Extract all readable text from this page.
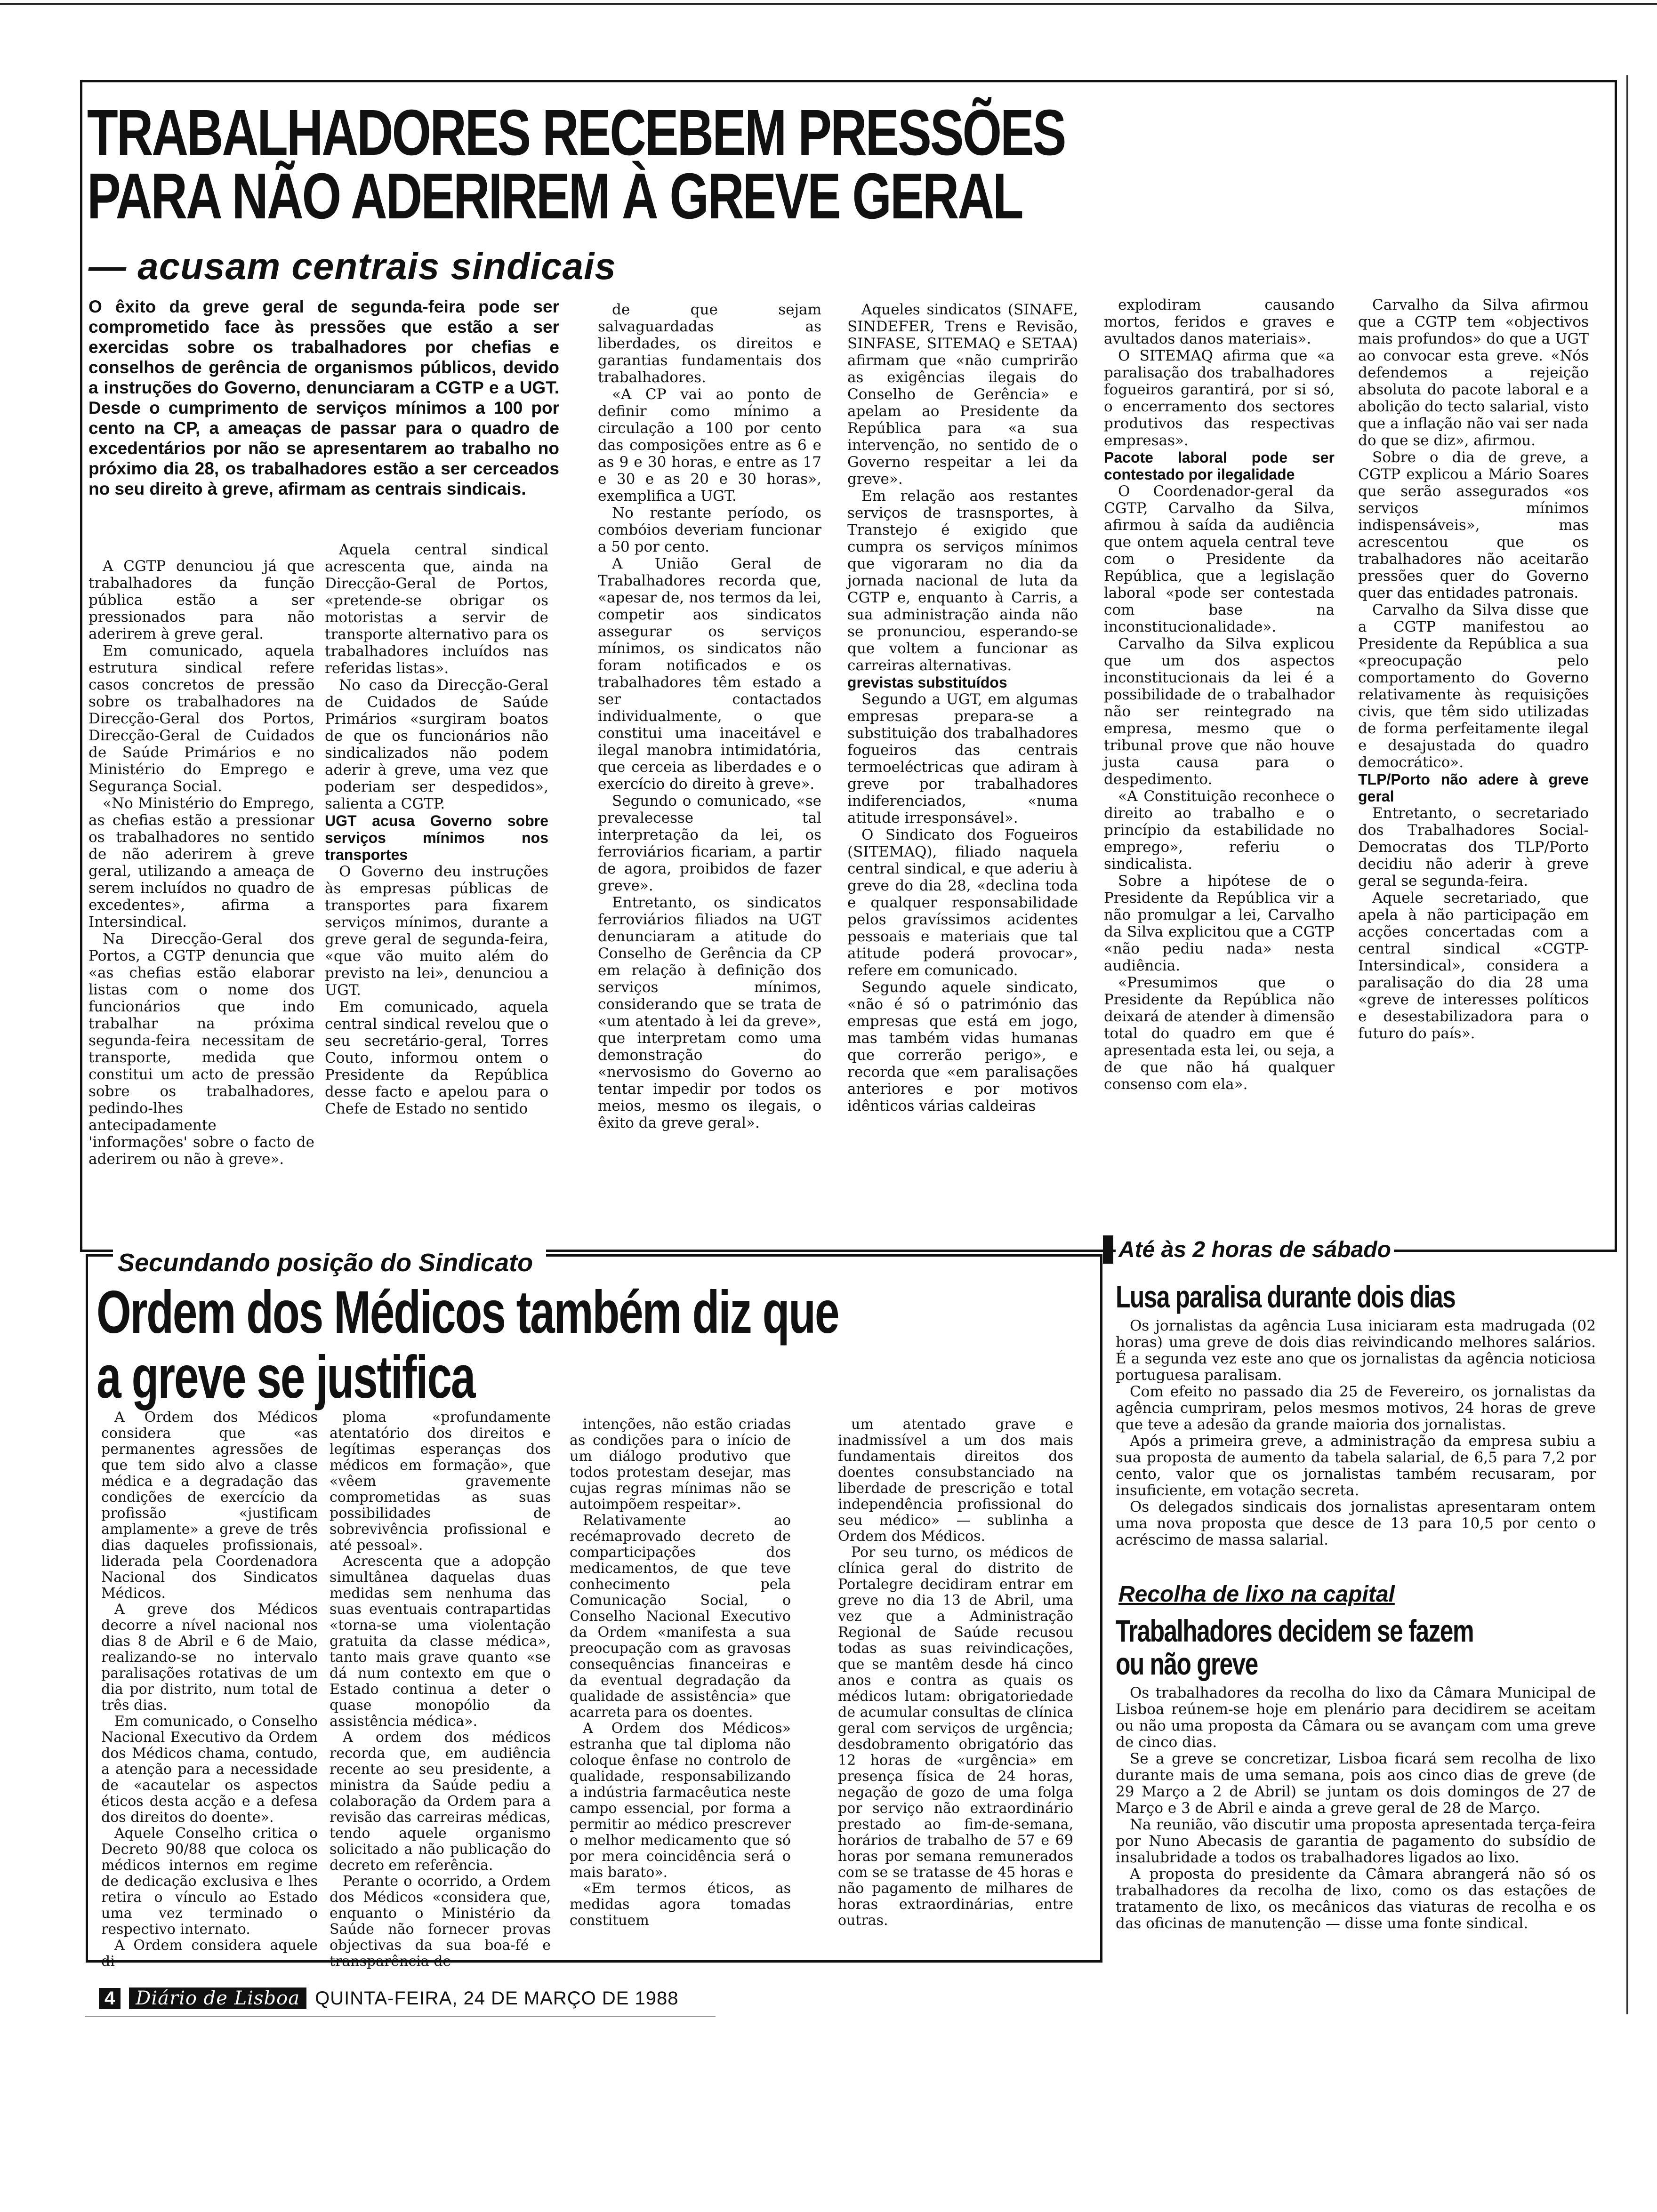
TRABALHADORES RECEBEM PRESSÕES
PARA NÃO ADERIREM À GREVE GERAL
— acusam centrais sindicais
O êxito da greve geral de segunda-feira pode ser comprometido face às pressões que estão a ser exercidas sobre os trabalhadores por chefias e conselhos de gerência de organismos públicos, devido a instruções do Governo, denunciaram a CGTP e a UGT. Desde o cumprimento de serviços mínimos a 100 por cento na CP, a ameaças de passar para o quadro de excedentários por não se apresentarem ao trabalho no próximo dia 28, os trabalhadores estão a ser cerceados no seu direito à greve, afirmam as centrais sindicais.

A CGTP denunciou já que trabalhadores da função pública estão a ser pressionados para não aderirem à greve geral.

Em comunicado, aquela estrutura sindical refere casos concretos de pressão sobre os trabalhadores na Direcção-Geral dos Portos, Direcção-Geral de Cuidados de Saúde Primários e no Ministério do Emprego e Segurança Social.

«No Ministério do Emprego, as chefias estão a pressionar os trabalhadores no sentido de não aderirem à greve geral, utilizando a ameaça de serem incluídos no quadro de excedentes», afirma a Intersindical.

Na Direcção-Geral dos Portos, a CGTP denuncia que «as chefias estão elaborar listas com o nome dos funcionários que indo trabalhar na próxima segunda-feira necessitam de transporte, medida que constitui um acto de pressão sobre os trabalhadores, pedindo-lhes antecipadamente 'informações' sobre o facto de aderirem ou não à greve».

Aquela central sindical acrescenta que, ainda na Direcção-Geral de Portos, «pretende-se obrigar os motoristas a servir de transporte alternativo para os trabalhadores incluídos nas referidas listas».

No caso da Direcção-Geral de Cuidados de Saúde Primários «surgiram boatos de que os funcionários não sindicalizados não podem aderir à greve, uma vez que poderiam ser despedidos», salienta a CGTP.

UGT acusa Governo sobre serviços mínimos nos transportes

O Governo deu instruções às empresas públicas de transportes para fixarem serviços mínimos, durante a greve geral de segunda-feira, «que vão muito além do previsto na lei», denunciou a UGT.

Em comunicado, aquela central sindical revelou que o seu secretário-geral, Torres Couto, informou ontem o Presidente da República desse facto e apelou para o Chefe de Estado no sentido

de que sejam salvaguardadas as liberdades, os direitos e garantias fundamentais dos trabalhadores.

«A CP vai ao ponto de definir como mínimo a circulação a 100 por cento das composições entre as 6 e as 9 e 30 horas, e entre as 17 e 30 e as 20 e 30 horas», exemplifica a UGT.

No restante período, os combóios deveriam funcionar a 50 por cento.

A União Geral de Trabalhadores recorda que, «apesar de, nos termos da lei, competir aos sindicatos assegurar os serviços mínimos, os sindicatos não foram notificados e os trabalhadores têm estado a ser contactados individualmente, o que constitui uma inaceitável e ilegal manobra intimidatória, que cerceia as liberdades e o exercício do direito à greve».

Segundo o comunicado, «se prevalecesse tal interpretação da lei, os ferroviários ficariam, a partir de agora, proibidos de fazer greve».

Entretanto, os sindicatos ferroviários filiados na UGT denunciaram a atitude do Conselho de Gerência da CP em relação à definição dos serviços mínimos, considerando que se trata de «um atentado à lei da greve», que interpretam como uma demonstração do «nervosismo do Governo ao tentar impedir por todos os meios, mesmo os ilegais, o êxito da greve geral».

Aqueles sindicatos (SINAFE, SINDEFER, Trens e Revisão, SINFASE, SITEMAQ e SETAA) afirmam que «não cumprirão as exigências ilegais do Conselho de Gerência» e apelam ao Presidente da República para «a sua intervenção, no sentido de o Governo respeitar a lei da greve».

Em relação aos restantes serviços de trasnsportes, à Transtejo é exigido que cumpra os serviços mínimos que vigoraram no dia da jornada nacional de luta da CGTP e, enquanto à Carris, a sua administração ainda não se pronunciou, esperando-se que voltem a funcionar as carreiras alternativas.

grevistas substituídos

Segundo a UGT, em algumas empresas prepara-se a substituição dos trabalhadores fogueiros das centrais termoeléctricas que adiram à greve por trabalhadores indiferenciados, «numa atitude irresponsável».

O Sindicato dos Fogueiros (SITEMAQ), filiado naquela central sindical, e que aderiu à greve do dia 28, «declina toda e qualquer responsabilidade pelos gravíssimos acidentes pessoais e materiais que tal atitude poderá provocar», refere em comunicado.

Segundo aquele sindicato, «não é só o património das empresas que está em jogo, mas também vidas humanas que correrão perigo», e recorda que «em paralisações anteriores e por motivos idênticos várias caldeiras

explodiram causando mortos, feridos e graves e avultados danos materiais».

O SITEMAQ afirma que «a paralisação dos trabalhadores fogueiros garantirá, por si só, o encerramento dos sectores produtivos das respectivas empresas».

Pacote laboral pode ser contestado por ilegalidade

O Coordenador-geral da CGTP, Carvalho da Silva, afirmou à saída da audiência que ontem aquela central teve com o Presidente da República, que a legislação laboral «pode ser contestada com base na inconstitucionalidade».

Carvalho da Silva explicou que um dos aspectos inconstitucionais da lei é a possibilidade de o trabalhador não ser reintegrado na empresa, mesmo que o tribunal prove que não houve justa causa para o despedimento.

«A Constituição reconhece o direito ao trabalho e o princípio da estabilidade no emprego», referiu o sindicalista.

Sobre a hipótese de o Presidente da República vir a não promulgar a lei, Carvalho da Silva explicitou que a CGTP «não pediu nada» nesta audiência.

«Presumimos que o Presidente da República não deixará de atender à dimensão total do quadro em que é apresentada esta lei, ou seja, a de que não há qualquer consenso com ela».

Carvalho da Silva afirmou que a CGTP tem «objectivos mais profundos» do que a UGT ao convocar esta greve. «Nós defendemos a rejeição absoluta do pacote laboral e a abolição do tecto salarial, visto que a inflação não vai ser nada do que se diz», afirmou.

Sobre o dia de greve, a CGTP explicou a Mário Soares que serão assegurados «os serviços mínimos indispensáveis», mas acrescentou que os trabalhadores não aceitarão pressões quer do Governo quer das entidades patronais.

Carvalho da Silva disse que a CGTP manifestou ao Presidente da República a sua «preocupação pelo comportamento do Governo relativamente às requisições civis, que têm sido utilizadas de forma perfeitamente ilegal e desajustada do quadro democrático».

TLP/Porto não adere à greve geral

Entretanto, o secretariado dos Trabalhadores Social-Democratas dos TLP/Porto decidiu não aderir à greve geral se segunda-feira.

Aquele secretariado, que apela à não participação em acções concertadas com a central sindical «CGTP-Intersindical», considera a paralisação do dia 28 uma «greve de interesses políticos e desestabilizadora para o futuro do país».

Secundando posição do Sindicato
Ordem dos Médicos também diz que
a greve se justifica

A Ordem dos Médicos considera que «as permanentes agressões de que tem sido alvo a classe médica e a degradação das condições de exercício da profissão «justificam amplamente» a greve de três dias daqueles profissionais, liderada pela Coordenadora Nacional dos Sindicatos Médicos.

A greve dos Médicos decorre a nível nacional nos dias 8 de Abril e 6 de Maio, realizando-se no intervalo paralisações rotativas de um dia por distrito, num total de três dias.

Em comunicado, o Conselho Nacional Executivo da Ordem dos Médicos chama, contudo, a atenção para a necessidade de «acautelar os aspectos éticos desta acção e a defesa dos direitos do doente».

Aquele Conselho critica o Decreto 90/88 que coloca os médicos internos em regime de dedicação exclusiva e lhes retira o vínculo ao Estado uma vez terminado o respectivo internato.

A Ordem considera aquele di-

ploma «profundamente atentatório dos direitos e legítimas esperanças dos médicos em formação», que «vêem gravemente comprometidas as suas possibilidades de sobrevivência profissional e até pessoal».

Acrescenta que a adopção simultânea daquelas duas medidas sem nenhuma das suas eventuais contrapartidas «torna-se uma violentação gratuita da classe médica», tanto mais grave quanto «se dá num contexto em que o Estado continua a deter o quase monopólio da assistência médica».

A ordem dos médicos recorda que, em audiência recente ao seu presidente, a ministra da Saúde pediu a colaboração da Ordem para a revisão das carreiras médicas, tendo aquele organismo solicitado a não publicação do decreto em referência.

Perante o ocorrido, a Ordem dos Médicos «considera que, enquanto o Ministério da Saúde não fornecer provas objectivas da sua boa-fé e transparência de

intenções, não estão criadas as condições para o início de um diálogo produtivo que todos protestam desejar, mas cujas regras mínimas não se autoimpõem respeitar».

Relativamente ao recémaprovado decreto de comparticipações dos medicamentos, de que teve conhecimento pela Comunicação Social, o Conselho Nacional Executivo da Ordem «manifesta a sua preocupação com as gravosas consequências financeiras e da eventual degradação da qualidade de assistência» que acarreta para os doentes.

A Ordem dos Médicos» estranha que tal diploma não coloque ênfase no controlo de qualidade, responsabilizando a indústria farmacêutica neste campo essencial, por forma a permitir ao médico prescrever o melhor medicamento que só por mera coincidência será o mais barato».

«Em termos éticos, as medidas agora tomadas constituem

um atentado grave e inadmissível a um dos mais fundamentais direitos dos doentes consubstanciado na liberdade de prescrição e total independência profissional do seu médico» — sublinha a Ordem dos Médicos.

Por seu turno, os médicos de clínica geral do distrito de Portalegre decidiram entrar em greve no dia 13 de Abril, uma vez que a Administração Regional de Saúde recusou todas as suas reivindicações, que se mantêm desde há cinco anos e contra as quais os médicos lutam: obrigatoriedade de acumular consultas de clínica geral com serviços de urgência; desdobramento obrigatório das 12 horas de «urgência» em presença física de 24 horas, negação de gozo de uma folga por serviço não extraordinário prestado ao fim-de-semana, horários de trabalho de 57 e 69 horas por semana remunerados com se se tratasse de 45 horas e não pagamento de milhares de horas extraordinárias, entre outras.

Até às 2 horas de sábado
Lusa paralisa durante dois dias

Os jornalistas da agência Lusa iniciaram esta madrugada (02 horas) uma greve de dois dias reivindicando melhores salários. É a segunda vez este ano que os jornalistas da agência noticiosa portuguesa paralisam.

Com efeito no passado dia 25 de Fevereiro, os jornalistas da agência cumpriram, pelos mesmos motivos, 24 horas de greve que teve a adesão da grande maioria dos jornalistas.

Após a primeira greve, a administração da empresa subiu a sua proposta de aumento da tabela salarial, de 6,5 para 7,2 por cento, valor que os jornalistas também recusaram, por insuficiente, em votação secreta.

Os delegados sindicais dos jornalistas apresentaram ontem uma nova proposta que desce de 13 para 10,5 por cento o acréscimo de massa salarial.

Recolha de lixo na capital
Trabalhadores decidem se fazem
ou não greve

Os trabalhadores da recolha do lixo da Câmara Municipal de Lisboa reúnem-se hoje em plenário para decidirem se aceitam ou não uma proposta da Câmara ou se avançam com uma greve de cinco dias.

Se a greve se concretizar, Lisboa ficará sem recolha de lixo durante mais de uma semana, pois aos cinco dias de greve (de 29 Março a 2 de Abril) se juntam os dois domingos de 27 de Março e 3 de Abril e ainda a greve geral de 28 de Março.

Na reunião, vão discutir uma proposta apresentada terça-feira por Nuno Abecasis de garantia de pagamento do subsídio de insalubridade a todos os trabalhadores ligados ao lixo.

A proposta do presidente da Câmara abrangerá não só os trabalhadores da recolha de lixo, como os das estações de tratamento de lixo, os mecânicos das viaturas de recolha e os das oficinas de manutenção — disse uma fonte sindical.

4	Diário de Lisboa QUINTA-FEIRA, 24 DE MARÇO DE 1988
